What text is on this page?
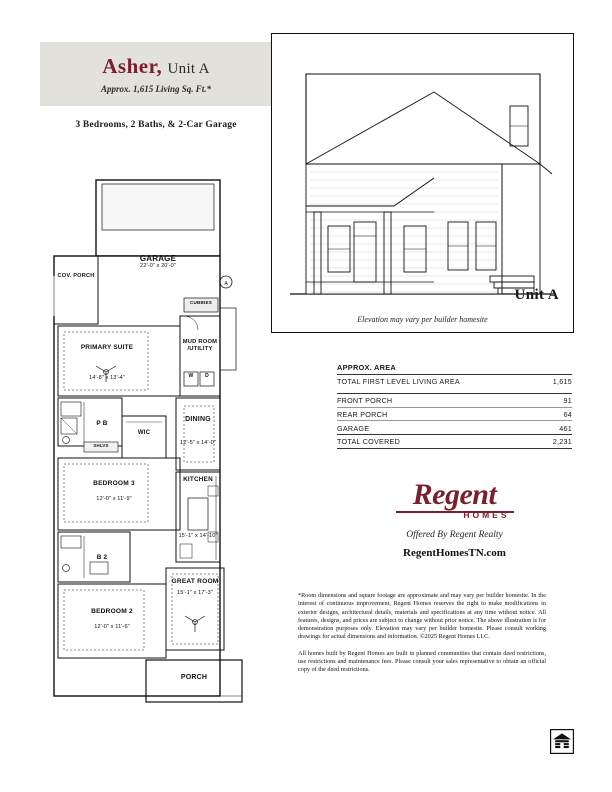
Asher, Unit A
Approx. 1,615 Living Sq. Ft.*
3 Bedrooms, 2 Baths, & 2-Car Garage
Unit A
Elevation may vary per builder homesite
APPROX. AREA
TOTAL FIRST LEVEL LIVING AREA	1,615
FRONT PORCH	91
REAR PORCH	64
GARAGE	461
TOTAL COVERED	2,231
Regent
HOMES
Offered By Regent Realty
RegentHomesTN.com

*Room dimensions and square footage are approximate and may vary per builder homesite. In the interest of continuous improvement, Regent Homes reserves the right to make modifications in exterior designs, architectural details, materials and specifications at any time without notice. All features, designs, and prices are subject to change without prior notice. The above illustration is for demonstration purposes only. Elevation may vary per builder homesite. Please consult working drawings for actual dimensions and information. ©2025 Regent Homes LLC.

All homes built by Regent Homes are built in planned communities that contain deed restrictions, use restrictions and maintenance fees. Please consult your sales representative to obtain an official copy of the deed restrictions.

A
GARAGE
22'-0" x 20'-0"
COV. PORCH
PRIMARY SUITE
14'-8" x 13'-4"
MUD ROOM /UTILITY
CUBBIES
W	D
DINING
12'-5" x 14'-0"
WIC
P B
SHLVS
BEDROOM 3
12'-0" x 11'-9"
KITCHEN
15'-1" x 14'-10"
B 2
GREAT ROOM
15'-1" x 17'-3"
BEDROOM 2
12'-0" x 11'-6"
PORCH
